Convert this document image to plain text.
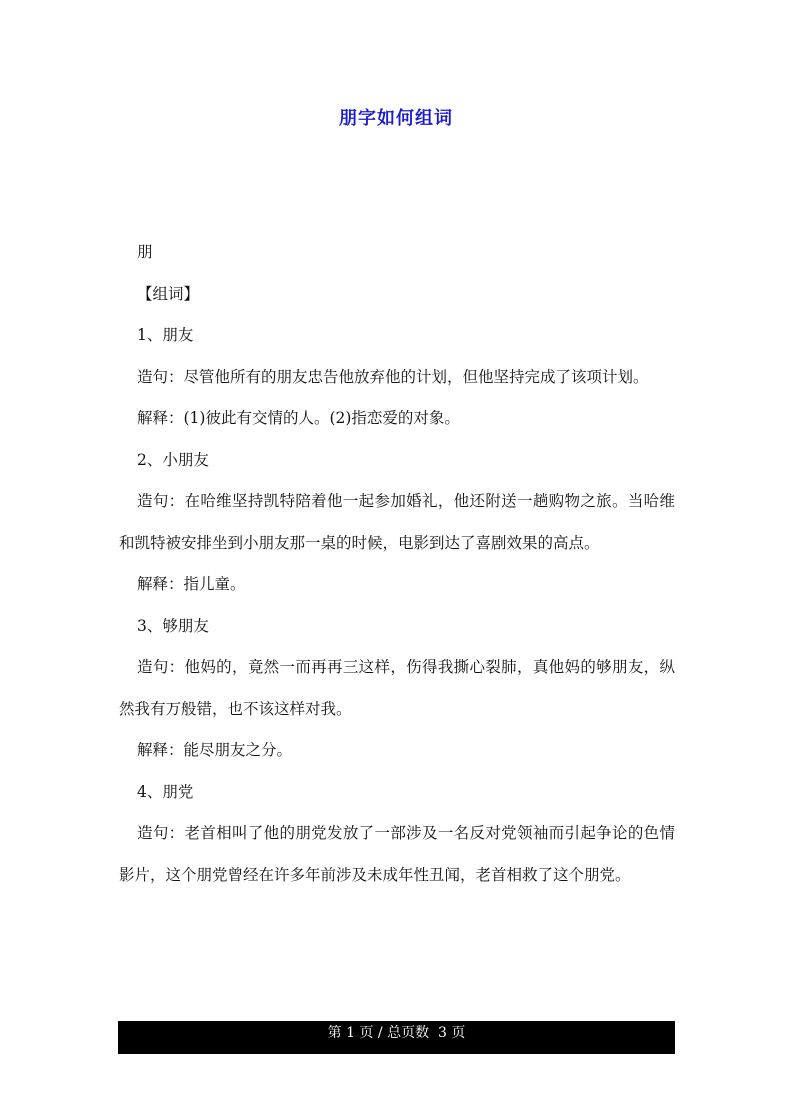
朋字如何组词

朋

【组词】

1、朋友

造句：尽管他所有的朋友忠告他放弃他的计划，但他坚持完成了该项计划。

解释：(1)彼此有交情的人。(2)指恋爱的对象。

2、小朋友

造句：在哈维坚持凯特陪着他一起参加婚礼，他还附送一趟购物之旅。当哈维和凯特被安排坐到小朋友那一桌的时候，电影到达了喜剧效果的高点。

解释：指儿童。

3、够朋友

造句：他妈的，竟然一而再再三这样，伤得我撕心裂肺，真他妈的够朋友，纵然我有万般错，也不该这样对我。

解释：能尽朋友之分。

4、朋党

造句：老首相叫了他的朋党发放了一部涉及一名反对党领袖而引起争论的色情影片，这个朋党曾经在许多年前涉及未成年性丑闻，老首相救了这个朋党。

第 1 页 / 总页数  3 页
